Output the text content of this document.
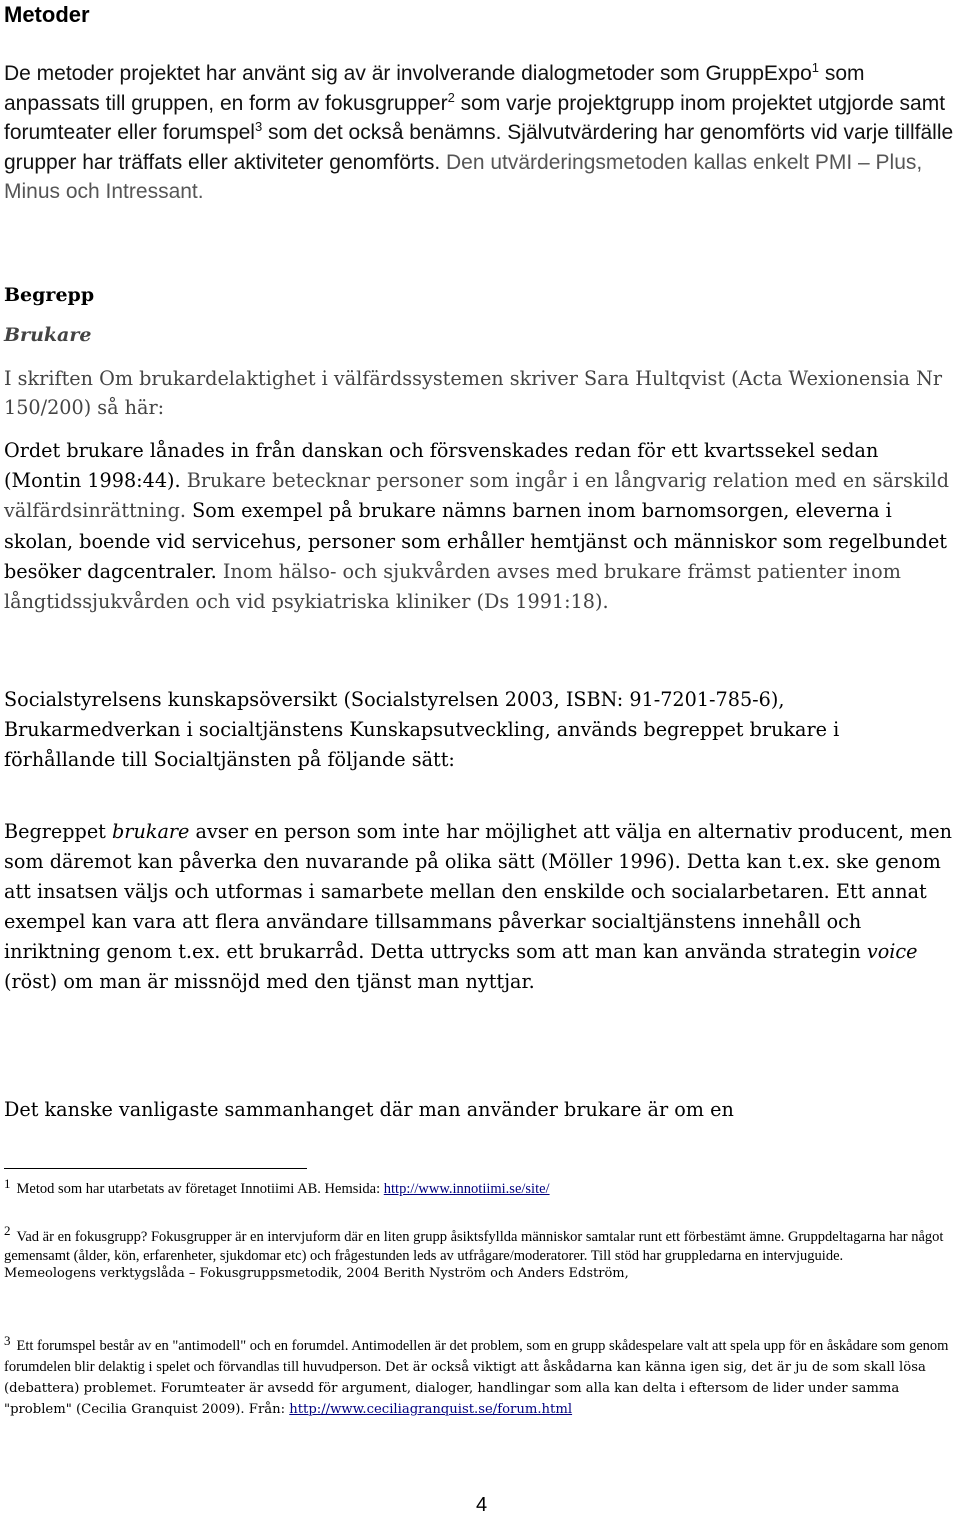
Metoder

De metoder projektet har använt sig av är involverande dialogmetoder som GruppExpo$^1$ som anpassats till gruppen, en form av fokusgrupper$^2$ som varje projektgrupp inom projektet utgjorde samt forumteater eller forumspel$^3$ som det också benämns. Självutvärdering har genomförts vid varje tillfälle grupper har träffats eller aktiviteter genomförts. Den utvärderingsmetoden kallas enkelt PMI – Plus, Minus och Intressant.

Begrepp
Brukare

I skriften Om brukardelaktighet i välfärdssystemen skriver Sara Hultqvist (Acta Wexionensia Nr 150/200) så här:

Ordet brukare lånades in från danskan och försvenskades redan för ett kvartssekel sedan (Montin 1998:44). Brukare betecknar personer som ingår i en långvarig relation med en särskild välfärdsinrättning. Som exempel på brukare nämns barnen inom barnomsorgen, eleverna i skolan, boende vid servicehus, personer som erhåller hemtjänst och människor som regelbundet besöker dagcentraler. Inom hälso- och sjukvården avses med brukare främst patienter inom långtidssjukvården och vid psykiatriska kliniker (Ds 1991:18).

Socialstyrelsens kunskapsöversikt (Socialstyrelsen 2003, ISBN: 91-7201-785-6), Brukarmedverkan i socialtjänstens Kunskapsutveckling, används begreppet brukare i förhållande till Socialtjänsten på följande sätt:

Begreppet brukare avser en person som inte har möjlighet att välja en alternativ producent, men som däremot kan påverka den nuvarande på olika sätt (Möller 1996). Detta kan t.ex. ske genom att insatsen väljs och utformas i samarbete mellan den enskilde och socialarbetaren. Ett annat exempel kan vara att flera användare tillsammans påverkar socialtjänstens innehåll och inriktning genom t.ex. ett brukarråd. Detta uttrycks som att man kan använda strategin voice (röst) om man är missnöjd med den tjänst man nyttjar.

Det kanske vanligaste sammanhanget där man använder brukare är om en

1 Metod som har utarbetats av företaget Innotiimi AB. Hemsida: http://www.innotiimi.se/site/

2 Vad är en fokusgrupp? Fokusgrupper är en intervjuform där en liten grupp åsiktsfyllda människor samtalar runt ett förbestämt ämne. Gruppdeltagarna har något gemensamt (ålder, kön, erfarenheter, sjukdomar etc) och frågestunden leds av utfrågare/moderatorer. Till stöd har gruppledarna en intervjuguide.
Memeologens verktygslåda – Fokusgruppsmetodik, 2004 Berith Nyström och Anders Edström,

3 Ett forumspel består av en "antimodell" och en forumdel. Antimodellen är det problem, som en grupp skådespelare valt att spela upp för en åskådare som genom forumdelen blir delaktig i spelet och förvandlas till huvudperson. Det är också viktigt att åskådarna kan känna igen sig, det är ju de som skall lösa (debattera) problemet. Forumteater är avsedd för argument, dialoger, handlingar som alla kan delta i eftersom de lider under samma "problem" (Cecilia Granquist 2009). Från: http://www.ceciliagranquist.se/forum.html

4
